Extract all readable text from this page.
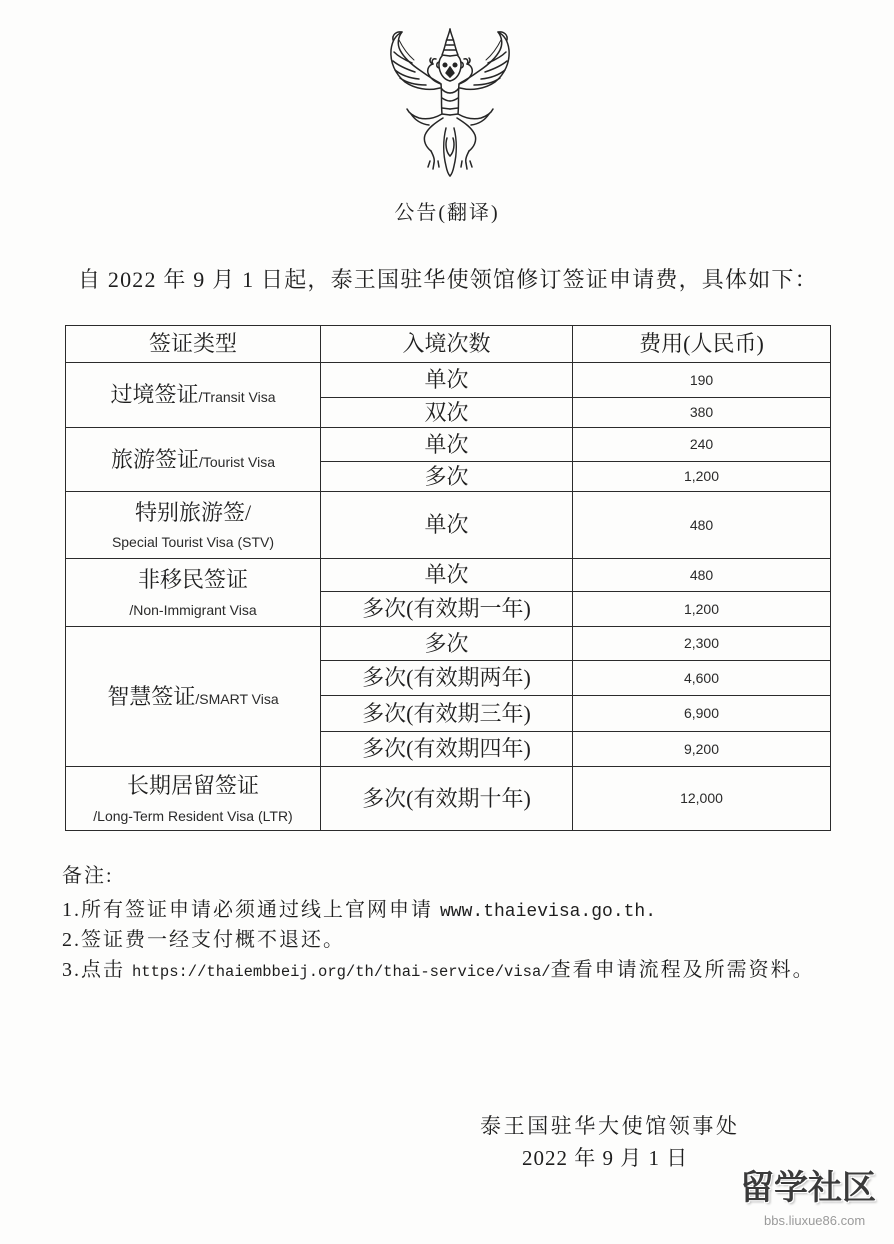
公告(翻译)
自 2022 年 9 月 1 日起，泰王国驻华使领馆修订签证申请费，具体如下：
签证类型	入境次数	费用(人民币)
过境签证/Transit Visa	单次	190
	双次	380
旅游签证/Tourist Visa	单次	240
	多次	1,200

特别旅游签/
Special Tourist Visa (STV)	单次	480

非移民签证
/Non-Immigrant Visa	单次	480
	多次(有效期一年)	1,200
智慧签证/SMART Visa	多次	2,300
	多次(有效期两年)	4,600
	多次(有效期三年)	6,900
	多次(有效期四年)	9,200

长期居留签证
/Long-Term Resident Visa (LTR)	多次(有效期十年)	12,000
备注:
1.所有签证申请必须通过线上官网申请 www.thaievisa.go.th.
2.签证费一经支付概不退还。
3.点击 https://thaiembbeij.org/th/thai-service/visa/查看申请流程及所需资料。
泰王国驻华大使馆领事处
2022 年 9 月 1 日
留学社区
bbs.liuxue86.com
